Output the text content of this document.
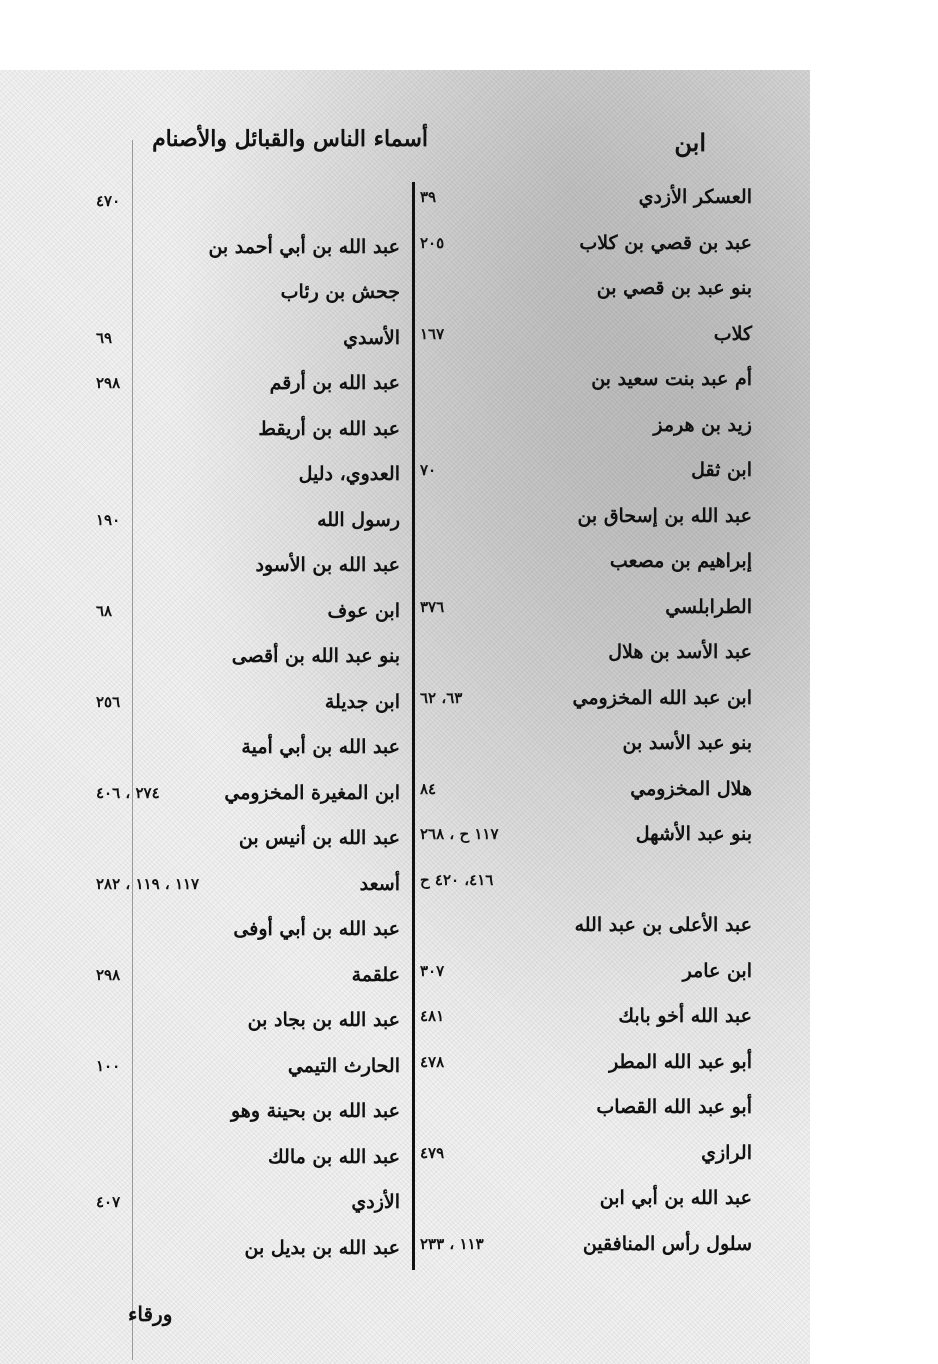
ابن
أسماء الناس والقبائل والأصنام
العسكر الأزدي
٣٩
عبد بن قصي بن كلاب
٢٠٥
بنو عبد بن قصي بن
كلاب
١٦٧
أم عبد بنت سعيد بن
زيد بن هرمز
ابن ثقل
٧٠
عبد الله بن إسحاق بن
إبراهيم بن مصعب
الطرابلسي
٣٧٦
عبد الأسد بن هلال
ابن عبد الله المخزومي
٦٣، ٦٢
بنو عبد الأسد بن
هلال المخزومي
٨٤
بنو عبد الأشهل
١١٧ ح ، ٢٦٨
٤١٦، ٤٢٠ ح
عبد الأعلى بن عبد الله
ابن عامر
٣٠٧
عبد الله أخو بابك
٤٨١
أبو عبد الله المطر
٤٧٨
أبو عبد الله القصاب
الرازي
٤٧٩
عبد الله بن أبي ابن
سلول رأس المنافقين
١١٣ ، ٢٣٣
٤٧٠
عبد الله بن أبي أحمد بن
جحش بن رئاب
الأسدي
٦٩
عبد الله بن أرقم
٢٩٨
عبد الله بن أريقط
العدوي، دليل
رسول الله
١٩٠
عبد الله بن الأسود
ابن عوف
٦٨
بنو عبد الله بن أقصى
ابن جديلة
٢٥٦
عبد الله بن أبي أمية
ابن المغيرة المخزومي
٢٧٤ ، ٤٠٦
عبد الله بن أنيس بن
أسعد
١١٧ ، ١١٩ ، ٢٨٢
عبد الله بن أبي أوفى
علقمة
٢٩٨
عبد الله بن بجاد بن
الحارث التيمي
١٠٠
عبد الله بن بحينة وهو
عبد الله بن مالك
الأزدي
٤٠٧
عبد الله بن بديل بن
ورقاء
